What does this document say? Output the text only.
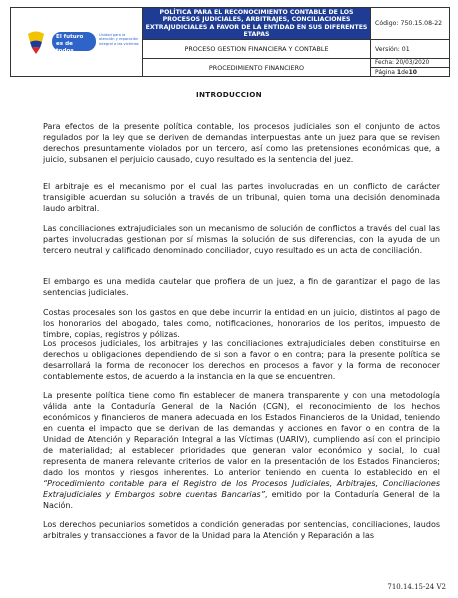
El futuro es de todos
Unidad para la atención y reparación integral a las víctimas
POLÍTICA PARA EL RECONOCIMIENTO CONTABLE DE LOS PROCESOS JUDICIALES, ARBITRAJES, CONCILIACIONES EXTRAJUDICIALES A FAVOR DE LA ENTIDAD EN SUS DIFERENTES ETAPAS
PROCESO GESTION FINANCIERA Y CONTABLE
PROCEDIMIENTO FINANCIERO
Código: 750.15.08-22
Versión: 01
Fecha: 20/03/2020
Página
1 de 10
INTRODUCCION

Para efectos de la presente política contable, los procesos judiciales son el conjunto de actos regulados por la ley que se deriven de demandas interpuestas ante un juez para que se revisen derechos presuntamente violados por un tercero, así como las pretensiones económicas que, a juicio, subsanen el perjuicio causado, cuyo resultado es la sentencia del juez.

El arbitraje es el mecanismo por el cual las partes involucradas en un conflicto de carácter transigible acuerdan su solución a través de un tribunal, quien toma una decisión denominada laudo arbitral.

Las conciliaciones extrajudiciales son un mecanismo de solución de conflictos a través del cual las partes involucradas gestionan por sí mismas la solución de sus diferencias, con la ayuda de un tercero neutral y calificado denominado conciliador, cuyo resultado es un acta de conciliación.

El embargo es una medida cautelar que profiera de un juez, a fin de garantizar el pago de las sentencias judiciales.

Costas procesales son los gastos en que debe incurrir la entidad en un juicio, distintos al pago de los honorarios del abogado, tales como, notificaciones, honorarios de los peritos, impuesto de timbre, copias, registros y pólizas.

Los procesos judiciales, los arbitrajes y las conciliaciones extrajudiciales deben constituirse en derechos u obligaciones dependiendo de si son a favor o en contra; para la presente política se desarrollará la forma de reconocer los derechos en procesos a favor y la forma de reconocer contablemente estos, de acuerdo a la instancia en la que se encuentren.

La presente política tiene como fin establecer de manera transparente y con una metodología válida ante la Contaduría General de la Nación (CGN), el reconocimiento de los hechos económicos y financieros de manera adecuada en los Estados Financieros de la Unidad, teniendo en cuenta el impacto que se derivan de las demandas y acciones en favor o en contra de la Unidad de Atención y Reparación Integral a las Víctimas (UARIV), cumpliendo así con el principio de materialidad; al establecer prioridades que generan valor económico y social, lo cual representa de manera relevante criterios de valor en la presentación de los Estados Financieros; dado los montos y riesgos inherentes. Lo anterior teniendo en cuenta lo establecido en el “Procedimiento contable para el Registro de los Procesos Judiciales, Arbitrajes, Conciliaciones Extrajudiciales y Embargos sobre cuentas Bancarias”, emitido por la Contaduría General de la Nación.

Los derechos pecuniarios sometidos a condición generadas por sentencias, conciliaciones, laudos arbitrales y transacciones a favor de la Unidad para la Atención y Reparación a las

710.14.15-24 V2
